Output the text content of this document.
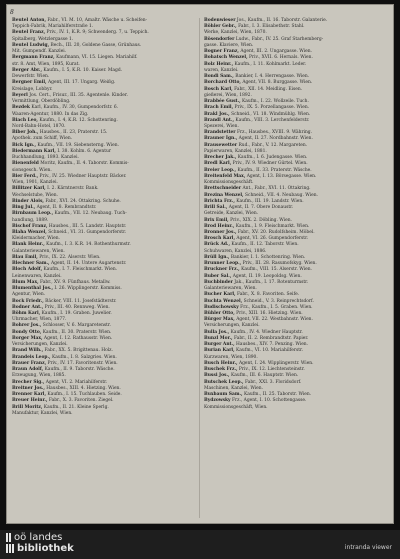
8
Beutel Anton, Fabr., VI. M. 10, Amaltr. Wäsche u. Scheifen-
Teppich-Fabrik, Mariahilferstraße 1.
Beutel Franz, Priv., IV. 1, K.R. 9; Schwenderg. 7, u. Teppich.
Spitalberg, Wetzlergasse 1.
Beutel Ludwig, Bech., III. 20, Goldene Gasse, Grünhaus.
Mit. Gumpendf. Kanzlei.
Bergmann Franz, Kaufmann, VI. 15. Liegen. Mariahilf.
str. 8. Amt, Wien, 1895, Kurat.
Berger Abr., Kaufm., I. 5, K.R. 10. Kaiser. Magd.
Dewerfstr. Wien.
Bergner Emil, Agent, III. 17. Ungarg. Weißg.
Kreislage, Lobbyr.
Beyerl Jos. Cert., Frisur., III. 35. Agentenle. Kinder.
Vermittlung, Oberdöbling.
Bezdek Karl, Kaufm., IV. 30, Gumpendorfstr. 6.
Waaren-Agentur, 1880. In das Zig.
Biach Leo, Kaufm., I. 4, K.R. 12. Schottenring.
Nord-Bahn-Hotel, 1870.
Biber Joh., Hausbes., II. 23, Praterstr. 15.
Apothek. zum Schiff, Wien.
Bick Ign., Kaufm., VII. 19. Siebensterng. Wien.
Biedermann Karl, I. 38. Kohlm. 6. Agentur
Buchhandlung, 1893. Kanzlei.
Bienenfeld Moritz, Kaufm., II. 4. Taborstr. Kommis-
sionsgesch. Wien.
Bier Ferd., Priv., IV. 25. Wiedner Hauptstr. Bäcker.
Wien, 1901, Kanzlei.
Billitzer Karl, I. 2. Kärntnerstr. Bank.
Wechselstube, Wien.
Binder Alois, Fabr., XVI. 24. Ottakring. Schuhe.
Bing Jul., Agent, II. 8. Rembrandtstr.
Birnbaum Leop., Kaufm., VII. 12. Neubaug. Tuch-
handlung, 1889.
Bischof Franz, Hausbes., III. 5. Landstr. Hauptstr.
Blaha Wenzel, Schneid., VI. 31. Gumpendorferstr.
Kleidermacher, Wien.
Blank Heinr., Kaufm., I. 3. K.R. 14. Rothenthurmstr.
Galanteriewaren, Wien.
Blau Emil, Priv., IX. 22. Alserstr. Wien.
Blechner Sam., Agent, II. 14. Untere Augartenstr.
Bloch Adolf, Kaufm., I. 7. Fleischmarkt. Wien.
Leinenwaren, Kanzlei.
Blum Max, Fabr., XV. 9. Fünfhaus. Metallw.
Blumenthal Jos., I. 26. Wipplingerstr. Kommiss.
Agentur, Wien.
Bock Friedr., Bäcker, VIII. 11. Josefstädterstr.
Bodner Ant., Priv., III. 40. Rennweg. Wien.
Böhm Karl, Kaufm., I. 19. Graben. Juwelier.
Uhrmacher, Wien, 1877.
Bohrer Jos., Schlosser, V. 6. Margaretenstr.
Bondy Otto, Kaufm., II. 30. Praterstr. Wien.
Borger Max, Agent, I. 12. Rathausstr. Wien.
Versicherungen, Kanzlei.
Brand Wilh., Fabr., XX. 5. Brigittenau. Holz.
Brandeis Leop., Kaufm., I. 8. Salzgries. Wien.
Brauer Franz, Priv., IV. 17. Favoritenstr. Wien.
Braun Adolf, Kaufm., II. 9. Taborstr. Wäsche.
Erzeugung, Wien, 1885.
Brecher Sig., Agent, VI. 2. Mariahilferstr.
Breitner Jos., Hausbes., XIII. 4. Hietzing. Wien.
Brenner Karl, Kaufm., I. 15. Tuchlauben. Seide.
Breuer Heinr., Fabr., X. 3. Favoriten. Ziegel.
Brill Moritz, Kaufm., II. 21. Kleine Sperlg.
Manufaktur, Kanzlei, Wien.
Bodenwieser Jos., Kaufm., II. 16. Taborstr. Galanterie.
Böhler Gebr., Fabr., I. 3. Elisabethstr. Stahl.
Werke, Kanzlei, Wien, 1870.
Bösendorfer Ludw., Fabr., IV. 25. Graf Starhemberg-
gasse. Klaviere, Wien.
Bogner Franz, Agent, III. 2. Ungargasse. Wien.
Bohatsch Wenzel, Priv., XVII. 6. Hernals. Wien.
Bolz Heinr., Kaufm., I. 11. Kohlmarkt. Leder.
waren, Kanzlei.
Bondi Sam., Bankier, I. 4. Herrengasse. Wien.
Borchard Otto, Agent, VII. 8. Burggasse. Wien.
Bosch Karl, Fabr., XII. 14. Meidling. Eisen.
gießerei, Wien, 1892.
Brabbée Gust., Kaufm., I. 22. Wollzeile. Tuch.
Brach Emil, Priv., IX. 5. Porzellangasse. Wien.
Brakl Jos., Schneid., VI. 18. Windmühlg. Wien.
Brandl Ant., Kaufm., VIII. 3. Lerchenfelderstr.
Spezerei, Wien.
Brandstetter Frz., Hausbes., XVIII. 9. Währing.
Brauner Ign., Agent, II. 27. Nordbahnstr. Wien.
Brausewetter Rud., Fabr., V. 12. Margareten.
Papierwaren, Kanzlei, 1881.
Brecher Jak., Kaufm., I. 6. Judengasse. Wien.
Bredl Karl, Priv., IV. 9. Wiedner Gürtel. Wien.
Breier Leop., Kaufm., II. 33. Praterstr. Wäsche.
Breitenfeld Max, Agent, I. 13. Börsegasse. Wien.
Kommissionsgeschäft.
Brettschneider Ant., Fabr., XVI. 11. Ottakring.
Brezina Wenzel, Schneid., VII. 4. Neubaug. Wien.
Brichta Frz., Kaufm., III. 19. Landstr. Wien.
Brill Sal., Agent, II. 7. Obere Donaustr.
Getreide, Kanzlei, Wien.
Brix Emil, Priv., XIX. 2. Döbling. Wien.
Brod Heinr., Kaufm., I. 9. Fleischmarkt. Wien.
Bronner Jos., Fabr., XV. 20. Rudolfsheim. Möbel.
Brosch Karl, Agent, VI. 26. Gumpendorferstr.
Brück Ad., Kaufm., II. 12. Taborstr. Wien.
Schuhwaren, Kanzlei, 1886.
Brüll Ign., Bankier, I. 1. Schottenring. Wien.
Brunner Leop., Priv., III. 28. Rasumofskyg. Wien.
Bruckner Frz., Kaufm., VIII. 15. Alserstr. Wien.
Buber Sal., Agent, II. 19. Leopoldsg. Wien.
Buchbinder Jak., Kaufm., I. 17. Rotenturmstr.
Galanteriewaren, Wien.
Bucher Karl, Fabr., X. 8. Favoriten. Seife.
Buchta Wenzel, Schneid., V. 3. Reinprechtsdorf.
Budischowsky Frz., Kaufm., I. 5. Graben. Wien.
Bühler Otto, Priv., XIII. 16. Hietzing. Wien.
Bürger Max, Agent, VII. 22. Westbahnstr. Wien.
Versicherungen, Kanzlei.
Bulla Jos., Kaufm., IV. 4. Wiedner Hauptstr.
Bunzl Mor., Fabr., II. 2. Rembrandtstr. Papier.
Burger Ant., Hausbes., XIV. 7. Penzing. Wien.
Burian Karl, Kaufm., VI. 10. Mariahilferstr.
Kurzwaren, Wien, 1890.
Busch Heinr., Agent, I. 24. Wipplingerstr. Wien.
Buschek Frz., Priv., IX. 12. Liechtensteinstr.
Bussi Jos., Kaufm., III. 6. Hauptstr. Wien.
Butschek Leop., Fabr., XXI. 3. Floridsdorf.
Maschinen, Kanzlei, Wien.
Buxbaum Sam., Kaufm., II. 25. Taborstr. Wien.
Bydzowsky Frz., Agent, I. 10. Schottengasse.
Kommissionsgeschäft, Wien.
oö landes
bibliothek	intranda viewer
